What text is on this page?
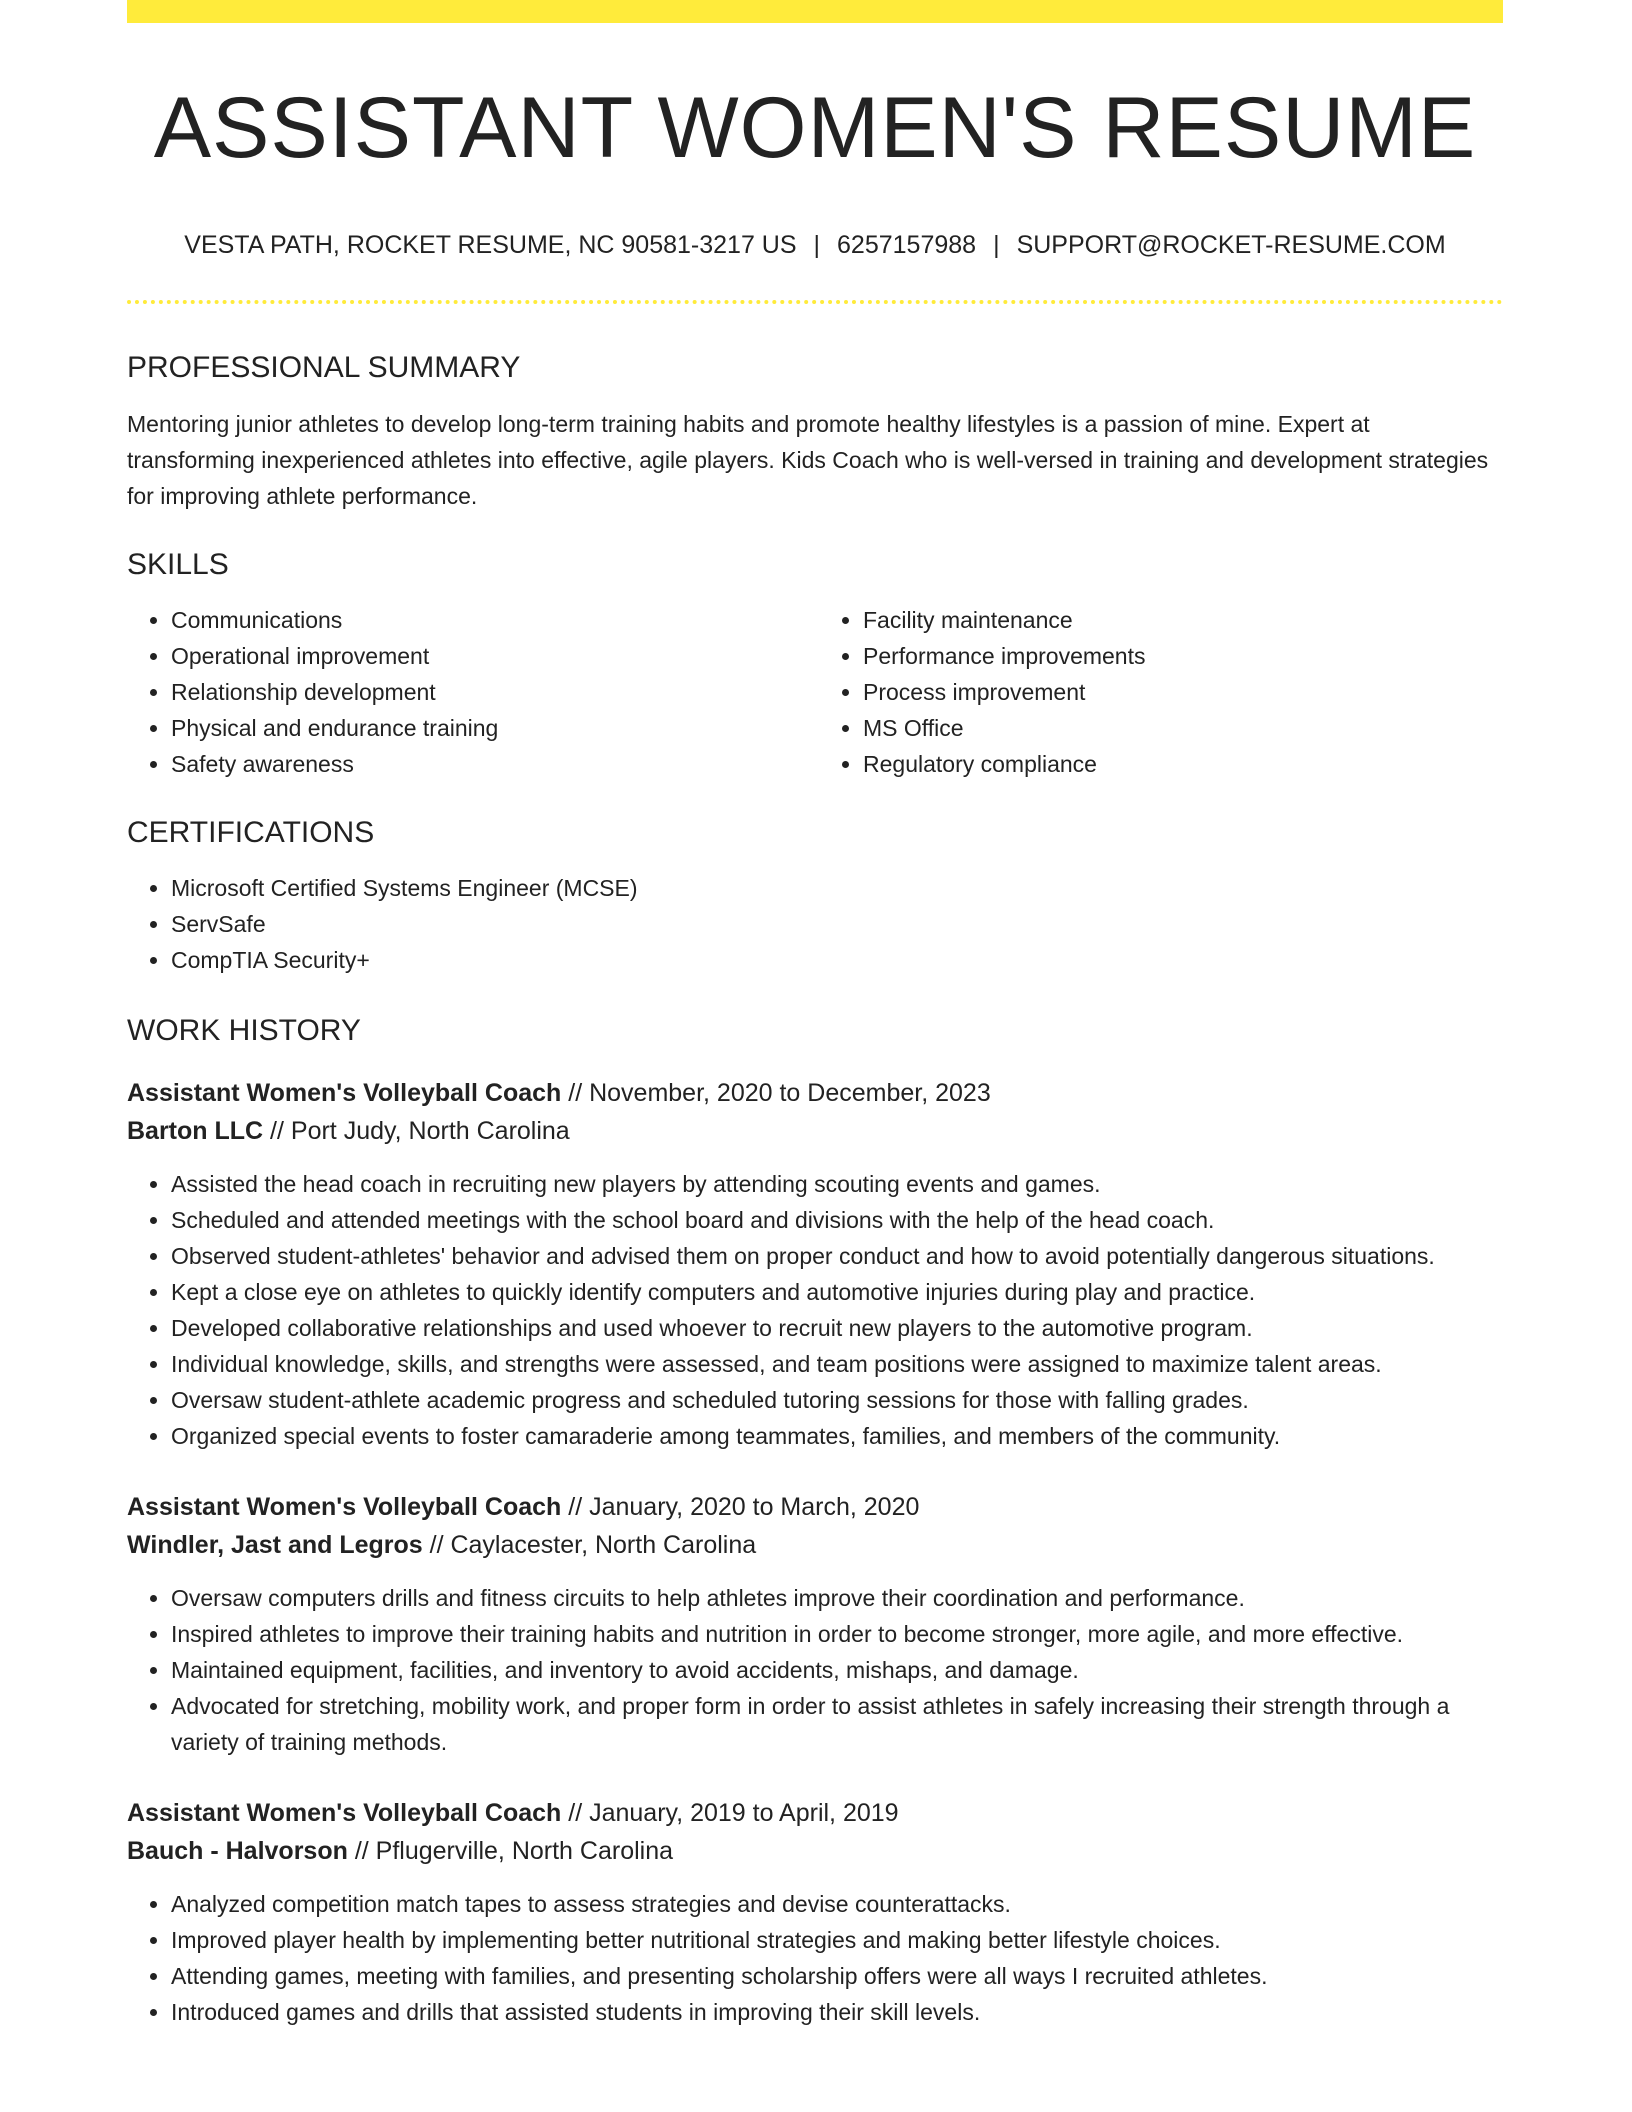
ASSISTANT WOMEN'S RESUME
VESTA PATH, ROCKET RESUME, NC 90581-3217 US | 6257157988 | SUPPORT@ROCKET-RESUME.COM
PROFESSIONAL SUMMARY
Mentoring junior athletes to develop long-term training habits and promote healthy lifestyles is a passion of mine. Expert at transforming inexperienced athletes into effective, agile players. Kids Coach who is well-versed in training and development strategies for improving athlete performance.
SKILLS
• Communications
• Operational improvement
• Relationship development
• Physical and endurance training
• Safety awareness
• Facility maintenance
• Performance improvements
• Process improvement
• MS Office
• Regulatory compliance
CERTIFICATIONS
• Microsoft Certified Systems Engineer (MCSE)
• ServSafe
• CompTIA Security+
WORK HISTORY
Assistant Women's Volleyball Coach // November, 2020 to December, 2023
Barton LLC // Port Judy, North Carolina
• Assisted the head coach in recruiting new players by attending scouting events and games.
• Scheduled and attended meetings with the school board and divisions with the help of the head coach.
• Observed student-athletes' behavior and advised them on proper conduct and how to avoid potentially dangerous situations.
• Kept a close eye on athletes to quickly identify computers and automotive injuries during play and practice.
• Developed collaborative relationships and used whoever to recruit new players to the automotive program.
• Individual knowledge, skills, and strengths were assessed, and team positions were assigned to maximize talent areas.
• Oversaw student-athlete academic progress and scheduled tutoring sessions for those with falling grades.
• Organized special events to foster camaraderie among teammates, families, and members of the community.
Assistant Women's Volleyball Coach // January, 2020 to March, 2020
Windler, Jast and Legros // Caylacester, North Carolina
• Oversaw computers drills and fitness circuits to help athletes improve their coordination and performance.
• Inspired athletes to improve their training habits and nutrition in order to become stronger, more agile, and more effective.
• Maintained equipment, facilities, and inventory to avoid accidents, mishaps, and damage.
• Advocated for stretching, mobility work, and proper form in order to assist athletes in safely increasing their strength through a variety of training methods.
Assistant Women's Volleyball Coach // January, 2019 to April, 2019
Bauch - Halvorson // Pflugerville, North Carolina
• Analyzed competition match tapes to assess strategies and devise counterattacks.
• Improved player health by implementing better nutritional strategies and making better lifestyle choices.
• Attending games, meeting with families, and presenting scholarship offers were all ways I recruited athletes.
• Introduced games and drills that assisted students in improving their skill levels.
